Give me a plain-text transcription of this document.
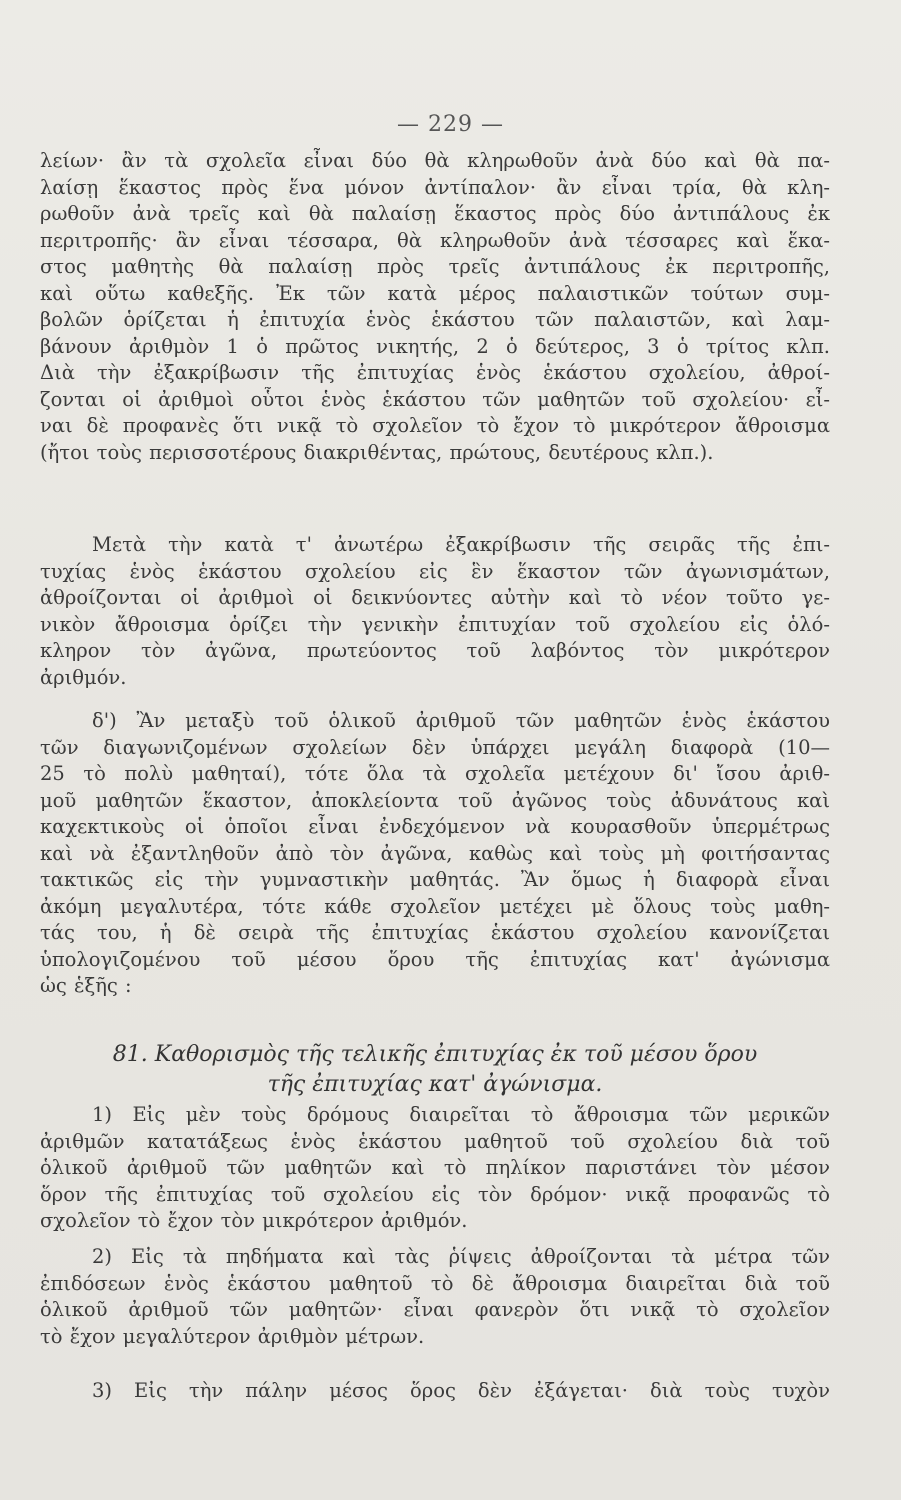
— 229 —
λείων· ἂν τὰ σχολεῖα εἶναι δύο θὰ κληρωθοῦν ἀνὰ δύο καὶ θὰ πα-
λαίσῃ ἕκαστος πρὸς ἕνα μόνον ἀντίπαλον· ἂν εἶναι τρία, θὰ κλη-
ρωθοῦν ἀνὰ τρεῖς καὶ θὰ παλαίσῃ ἕκαστος πρὸς δύο ἀντιπάλους ἐκ
περιτροπῆς· ἂν εἶναι τέσσαρα, θὰ κληρωθοῦν ἀνὰ τέσσαρες καὶ ἕκα-
στος μαθητὴς θὰ παλαίσῃ πρὸς τρεῖς ἀντιπάλους ἐκ περιτροπῆς,
καὶ οὕτω καθεξῆς. Ἐκ τῶν κατὰ μέρος παλαιστικῶν τούτων συμ-
βολῶν ὁρίζεται ἡ ἐπιτυχία ἑνὸς ἑκάστου τῶν παλαιστῶν, καὶ λαμ-
βάνουν ἀριθμὸν 1 ὁ πρῶτος νικητής, 2 ὁ δεύτερος, 3 ὁ τρίτος κλπ.
Διὰ τὴν ἐξακρίβωσιν τῆς ἐπιτυχίας ἑνὸς ἑκάστου σχολείου, ἀθροί-
ζονται οἱ ἀριθμοὶ οὗτοι ἑνὸς ἑκάστου τῶν μαθητῶν τοῦ σχολείου· εἶ-
ναι δὲ προφανὲς ὅτι νικᾷ τὸ σχολεῖον τὸ ἔχον τὸ μικρότερον ἄθροισμα
(ἤτοι τοὺς περισσοτέρους διακριθέντας, πρώτους, δευτέρους κλπ.).
Μετὰ τὴν κατὰ τ' ἀνωτέρω ἐξακρίβωσιν τῆς σειρᾶς τῆς ἐπι-
τυχίας ἑνὸς ἑκάστου σχολείου εἰς ἓν ἕκαστον τῶν ἀγωνισμάτων,
ἀθροίζονται οἱ ἀριθμοὶ οἱ δεικνύοντες αὐτὴν καὶ τὸ νέον τοῦτο γε-
νικὸν ἄθροισμα ὁρίζει τὴν γενικὴν ἐπιτυχίαν τοῦ σχολείου εἰς ὁλό-
κληρον τὸν ἀγῶνα, πρωτεύοντος τοῦ λαβόντος τὸν μικρότερον
ἀριθμόν.
δ') Ἂν μεταξὺ τοῦ ὁλικοῦ ἀριθμοῦ τῶν μαθητῶν ἑνὸς ἑκάστου
τῶν διαγωνιζομένων σχολείων δὲν ὑπάρχει μεγάλη διαφορὰ (10—
25 τὸ πολὺ μαθηταί), τότε ὅλα τὰ σχολεῖα μετέχουν δι' ἴσου ἀριθ-
μοῦ μαθητῶν ἕκαστον, ἀποκλείοντα τοῦ ἀγῶνος τοὺς ἀδυνάτους καὶ
καχεκτικοὺς οἱ ὁποῖοι εἶναι ἐνδεχόμενον νὰ κουρασθοῦν ὑπερμέτρως
καὶ νὰ ἐξαντληθοῦν ἀπὸ τὸν ἀγῶνα, καθὼς καὶ τοὺς μὴ φοιτήσαντας
τακτικῶς εἰς τὴν γυμναστικὴν μαθητάς. Ἂν ὅμως ἡ διαφορὰ εἶναι
ἀκόμη μεγαλυτέρα, τότε κάθε σχολεῖον μετέχει μὲ ὅλους τοὺς μαθη-
τάς του, ἡ δὲ σειρὰ τῆς ἐπιτυχίας ἑκάστου σχολείου κανονίζεται
ὑπολογιζομένου τοῦ μέσου ὅρου τῆς ἐπιτυχίας κατ' ἀγώνισμα
ὡς ἑξῆς :
81. Καθορισμὸς τῆς τελικῆς ἐπιτυχίας ἐκ τοῦ μέσου ὅρου
τῆς ἐπιτυχίας κατ' ἀγώνισμα.
1) Εἰς μὲν τοὺς δρόμους διαιρεῖται τὸ ἄθροισμα τῶν μερικῶν
ἀριθμῶν κατατάξεως ἑνὸς ἑκάστου μαθητοῦ τοῦ σχολείου διὰ τοῦ
ὁλικοῦ ἀριθμοῦ τῶν μαθητῶν καὶ τὸ πηλίκον παριστάνει τὸν μέσον
ὅρον τῆς ἐπιτυχίας τοῦ σχολείου εἰς τὸν δρόμον· νικᾷ προφανῶς τὸ
σχολεῖον τὸ ἔχον τὸν μικρότερον ἀριθμόν.
2) Εἰς τὰ πηδήματα καὶ τὰς ῥίψεις ἀθροίζονται τὰ μέτρα τῶν
ἐπιδόσεων ἑνὸς ἑκάστου μαθητοῦ τὸ δὲ ἄθροισμα διαιρεῖται διὰ τοῦ
ὁλικοῦ ἀριθμοῦ τῶν μαθητῶν· εἶναι φανερὸν ὅτι νικᾷ τὸ σχολεῖον
τὸ ἔχον μεγαλύτερον ἀριθμὸν μέτρων.
3) Εἰς τὴν πάλην μέσος ὅρος δὲν ἐξάγεται· διὰ τοὺς τυχὸν
